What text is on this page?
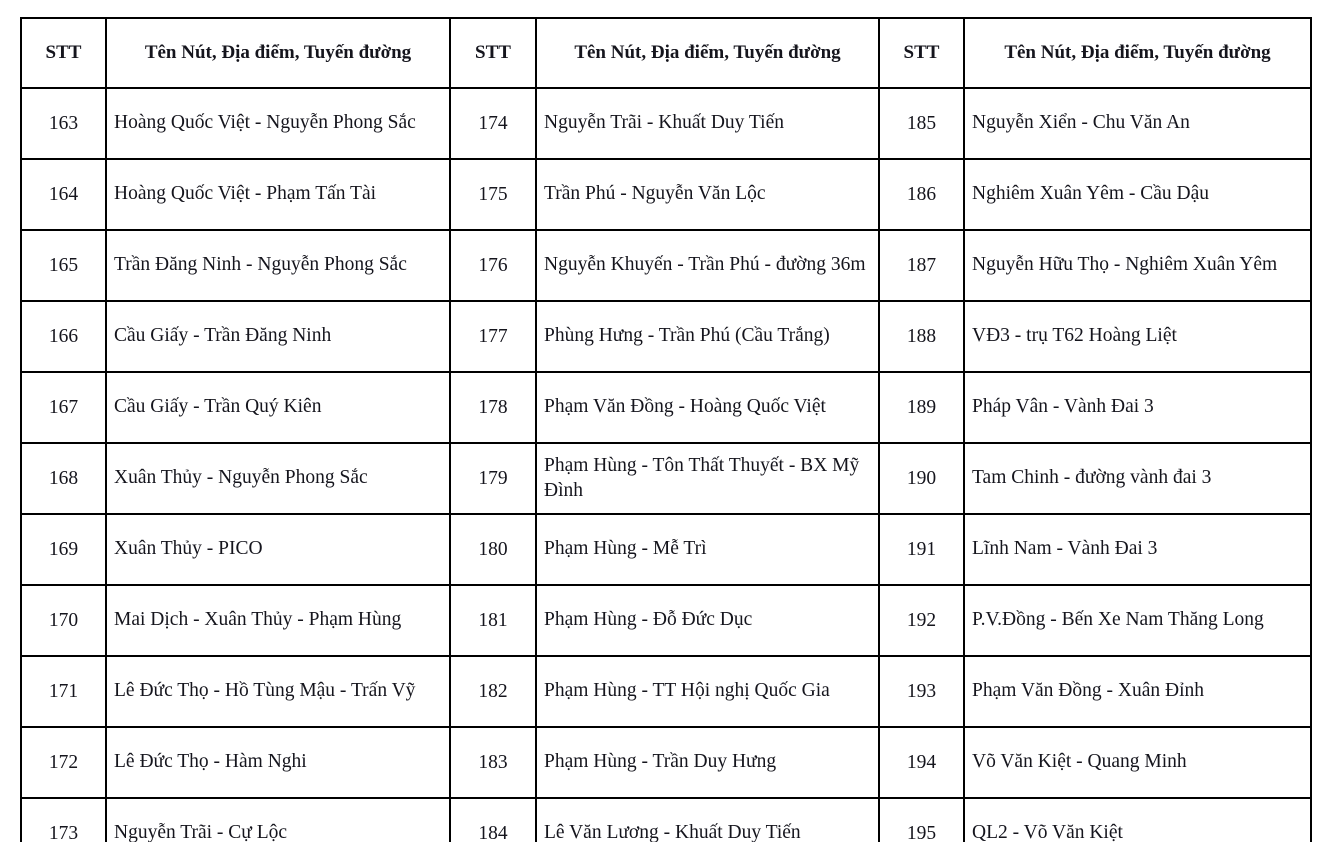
STT	Tên Nút, Địa điểm, Tuyến đường	STT	Tên Nút, Địa điểm, Tuyến đường	STT	Tên Nút, Địa điểm, Tuyến đường
163	Hoàng Quốc Việt - Nguyễn Phong Sắc	174	Nguyễn Trãi - Khuất Duy Tiến	185	Nguyễn Xiển - Chu Văn An
164	Hoàng Quốc Việt - Phạm Tấn Tài	175	Trần Phú - Nguyễn Văn Lộc	186	Nghiêm Xuân Yêm - Cầu Dậu
165	Trần Đăng Ninh - Nguyễn Phong Sắc	176	Nguyễn Khuyến - Trần Phú - đường 36m	187	Nguyễn Hữu Thọ - Nghiêm Xuân Yêm
166	Cầu Giấy - Trần Đăng Ninh	177	Phùng Hưng - Trần Phú (Cầu Trắng)	188	VĐ3 - trụ T62 Hoàng Liệt
167	Cầu Giấy - Trần Quý Kiên	178	Phạm Văn Đồng - Hoàng Quốc Việt	189	Pháp Vân - Vành Đai 3
168	Xuân Thủy - Nguyễn Phong Sắc	179	Phạm Hùng - Tôn Thất Thuyết - BX Mỹ Đình	190	Tam Chinh - đường vành đai 3
169	Xuân Thủy - PICO	180	Phạm Hùng - Mễ Trì	191	Lĩnh Nam - Vành Đai 3
170	Mai Dịch - Xuân Thủy - Phạm Hùng	181	Phạm Hùng - Đỗ Đức Dục	192	P.V.Đồng - Bến Xe Nam Thăng Long
171	Lê Đức Thọ - Hồ Tùng Mậu - Trấn Vỹ	182	Phạm Hùng - TT Hội nghị Quốc Gia	193	Phạm Văn Đồng - Xuân Đỉnh
172	Lê Đức Thọ - Hàm Nghi	183	Phạm Hùng - Trần Duy Hưng	194	Võ Văn Kiệt - Quang Minh
173	Nguyễn Trãi - Cự Lộc	184	Lê Văn Lương - Khuất Duy Tiến	195	QL2 - Võ Văn Kiệt
